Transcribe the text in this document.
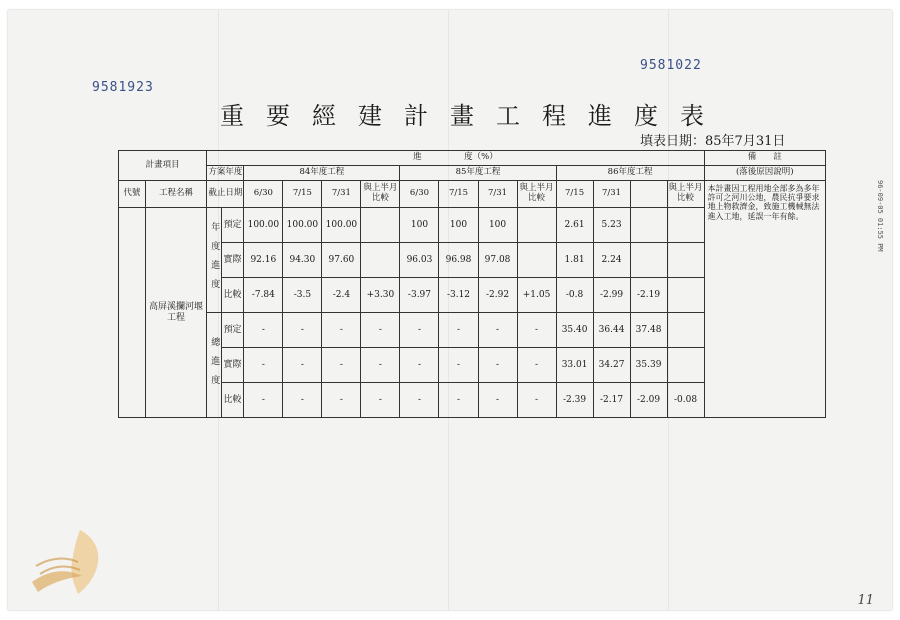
9581923
9581022
重要經建計畫工程進度表
填表日期：85年7月31日
96-09-05 01:55 PM
計畫項目		進　　　　　度（%）														備　　註
		方案年度		84年度工程				85年度工程				86年度工程				(落後原因說明)
代號	工程名稱	截止日期		6/30	7/15	7/31	與上半月比較	6/30	7/15	7/31	與上半月比較	7/15	7/31		與上半月比較	本計畫因工程用地全部多為多年許可之河川公地，農民抗爭要求地上物救濟金，致施工機械無法進入工地，延誤一年有餘。
	高屏溪攔河堰工程	年度進度	預定	100.00	100.00	100.00		100	100	100		2.61	5.23			
			實際	92.16	94.30	97.60		96.03	96.98	97.08		1.81	2.24			
			比較	-7.84	-3.5	-2.4	+3.30	-3.97	-3.12	-2.92	+1.05	-0.8	-2.99	-2.19		

		總進度	預定	-	-	-	-	-	-	-	-	35.40	36.44	37.48		
			實際	-	-	-	-	-	-	-	-	33.01	34.27	35.39		
			比較	-	-	-	-	-	-	-	-	-2.39	-2.17	-2.09	-0.08	
11
